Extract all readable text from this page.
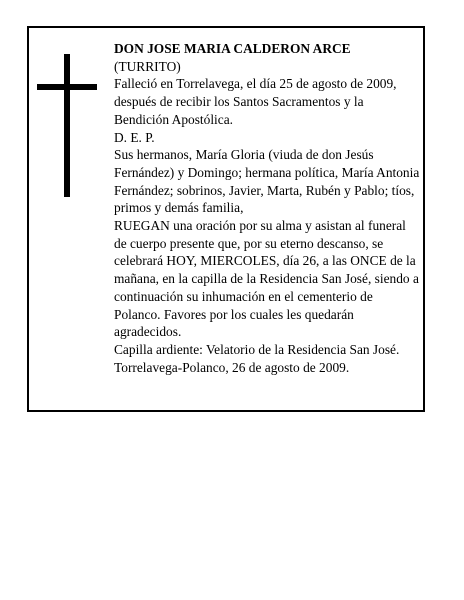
DON JOSE MARIA CALDERON ARCE

(TURRITO)

Falleció en Torrelavega, el día 25 de agosto de 2009, después de recibir los Santos Sacramentos y la Bendición Apostólica.

D. E. P.

Sus hermanos, María Gloria (viuda de don Jesús Fernández) y Domingo; hermana política, María Antonia Fernández; sobrinos, Javier, Marta, Rubén y Pablo; tíos, primos y demás familia,

RUEGAN una oración por su alma y asistan al funeral de cuerpo presente que, por su eterno descanso, se celebrará HOY, MIERCOLES, día 26, a las ONCE de la mañana, en la capilla de la Residencia San José, siendo a continuación su inhumación en el cementerio de Polanco. Favores por los cuales les quedarán agradecidos.

Capilla ardiente: Velatorio de la Residencia San José.

Torrelavega-Polanco, 26 de agosto de 2009.
